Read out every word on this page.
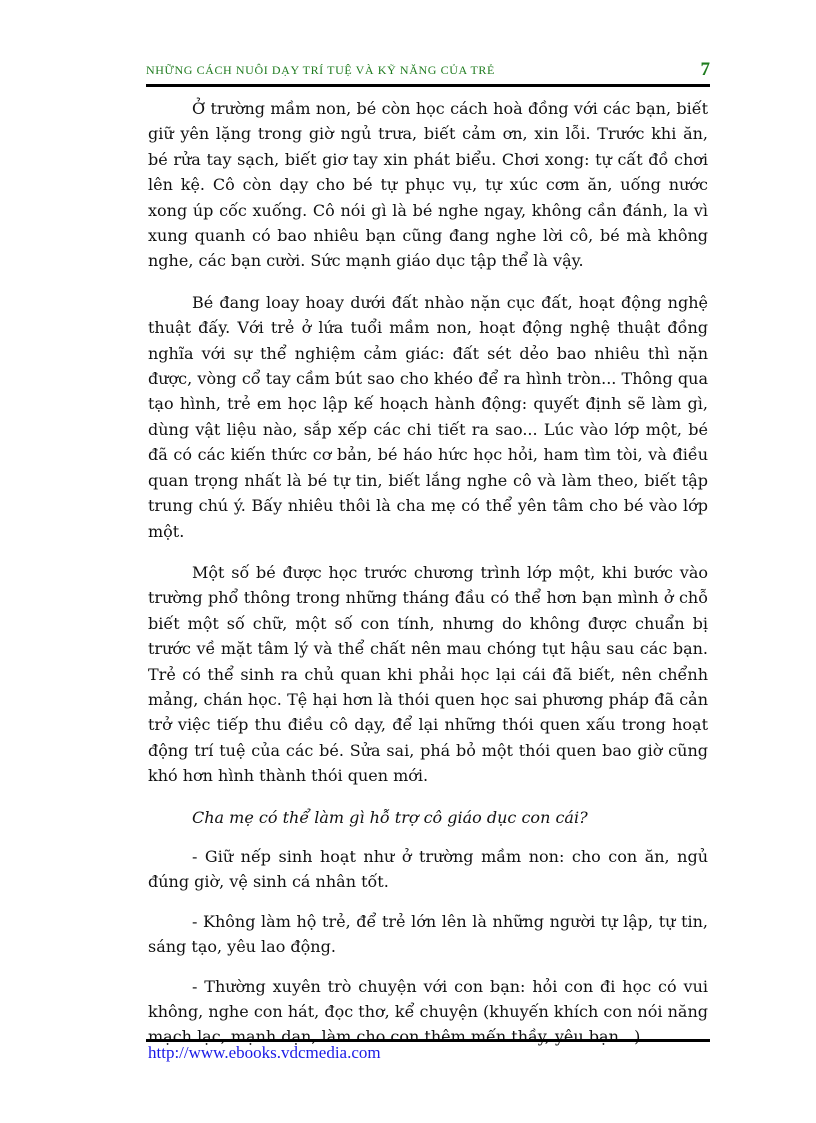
NHỮNG CÁCH NUÔI DẠY TRÍ TUỆ VÀ KỸ NĂNG CỦA TRẺ	7

Ở trường mầm non, bé còn học cách hoà đồng với các bạn, biết giữ yên lặng trong giờ ngủ trưa, biết cảm ơn, xin lỗi. Trước khi ăn, bé rửa tay sạch, biết giơ tay xin phát biểu. Chơi xong: tự cất đồ chơi lên kệ. Cô còn dạy cho bé tự phục vụ, tự xúc cơm ăn, uống nước xong úp cốc xuống. Cô nói gì là bé nghe ngay, không cần đánh, la vì xung quanh có bao nhiêu bạn cũng đang nghe lời cô, bé mà không nghe, các bạn cười. Sức mạnh giáo dục tập thể là vậy.

Bé đang loay hoay dưới đất nhào nặn cục đất, hoạt động nghệ thuật đấy. Với trẻ ở lứa tuổi mầm non, hoạt động nghệ thuật đồng nghĩa với sự thể nghiệm cảm giác: đất sét dẻo bao nhiêu thì nặn được, vòng cổ tay cầm bút sao cho khéo để ra hình tròn... Thông qua tạo hình, trẻ em học lập kế hoạch hành động: quyết định sẽ làm gì, dùng vật liệu nào, sắp xếp các chi tiết ra sao... Lúc vào lớp một, bé đã có các kiến thức cơ bản, bé háo hức học hỏi, ham tìm tòi, và điều quan trọng nhất là bé tự tin, biết lắng nghe cô và làm theo, biết tập trung chú ý. Bấy nhiêu thôi là cha mẹ có thể yên tâm cho bé vào lớp một.

Một số bé được học trước chương trình lớp một, khi bước vào trường phổ thông trong những tháng đầu có thể hơn bạn mình ở chỗ biết một số chữ, một số con tính, nhưng do không được chuẩn bị trước về mặt tâm lý và thể chất nên mau chóng tụt hậu sau các bạn. Trẻ có thể sinh ra chủ quan khi phải học lại cái đã biết, nên chểnh mảng, chán học. Tệ hại hơn là thói quen học sai phương pháp đã cản trở việc tiếp thu điều cô dạy, để lại những thói quen xấu trong hoạt động trí tuệ của các bé. Sửa sai, phá bỏ một thói quen bao giờ cũng khó hơn hình thành thói quen mới.

Cha mẹ có thể làm gì hỗ trợ cô giáo dục con cái?

- Giữ nếp sinh hoạt như ở trường mầm non: cho con ăn, ngủ đúng giờ, vệ sinh cá nhân tốt.

- Không làm hộ trẻ, để trẻ lớn lên là những người tự lập, tự tin, sáng tạo, yêu lao động.

- Thường xuyên trò chuyện với con bạn: hỏi con đi học có vui không, nghe con hát, đọc thơ, kể chuyện (khuyến khích con nói năng mạch lạc, mạnh dạn, làm cho con thêm mến thầy, yêu bạn...)

http://www.ebooks.vdcmedia.com
